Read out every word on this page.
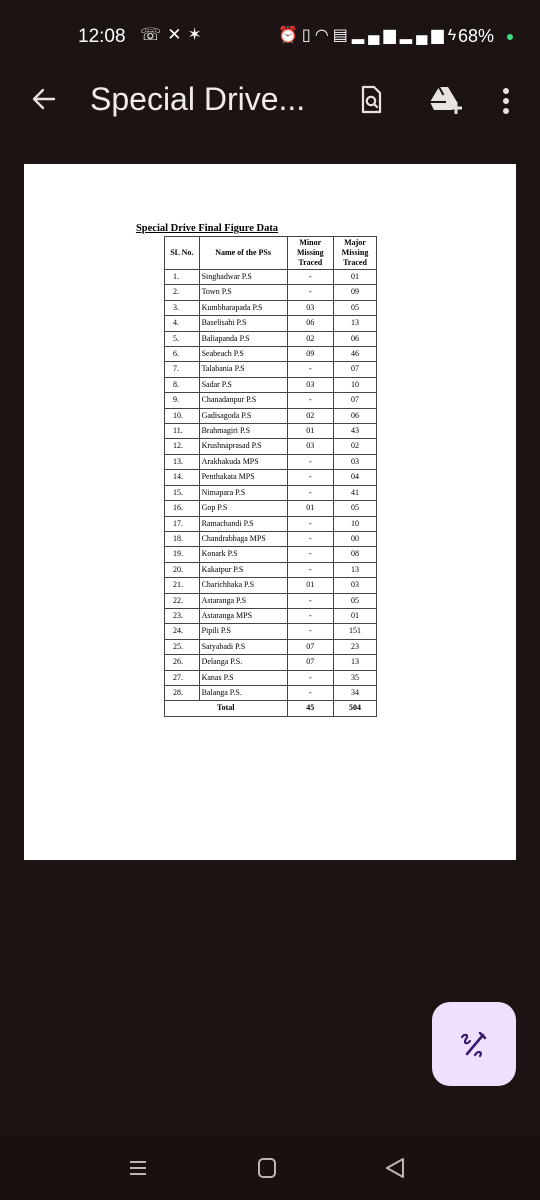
12:08 ☏✕✶	⏰▯◠▤▂▄▆▂▄▆ϟ
68%
Special Drive...
Special Drive Final Figure Data
SL No.	Name of the PSs	Minor Missing Traced	Major Missing Traced
1.	Singhadwar P.S	-	01
2.	Town P.S	-	09
3.	Kumbharapada P.S	03	05
4.	Baselisahi P.S	06	13
5.	Baliapanda P.S	02	06
6.	Seabeach P.S	09	46
7.	Talabania P.S	-	07
8.	Sadar P.S	03	10
9.	Chanadanpur P.S	-	07
10.	Gadisagoda P.S	02	06
11.	Brahmagiri P.S	01	43
12.	Krushnaprasad P.S	03	02
13.	Arakhakuda MPS	-	03
14.	Penthakata MPS	-	04
15.	Nimapara P.S	-	41
16.	Gop P.S	01	05
17.	Ramachandi P.S	-	10
18.	Chandrabhaga MPS	-	00
19.	Konark P.S	-	08
20.	Kakatpur P.S	-	13
21.	Charichhaka P.S	01	03
22.	Astaranga P.S	-	05
23.	Astaranga MPS	-	01
24.	Pipili P.S	-	151
25.	Satyabadi P.S	07	23
26.	Delanga P.S.	07	13
27.	Kanas P.S	-	35
28.	Balanga P.S.	-	34
Total		45	504
